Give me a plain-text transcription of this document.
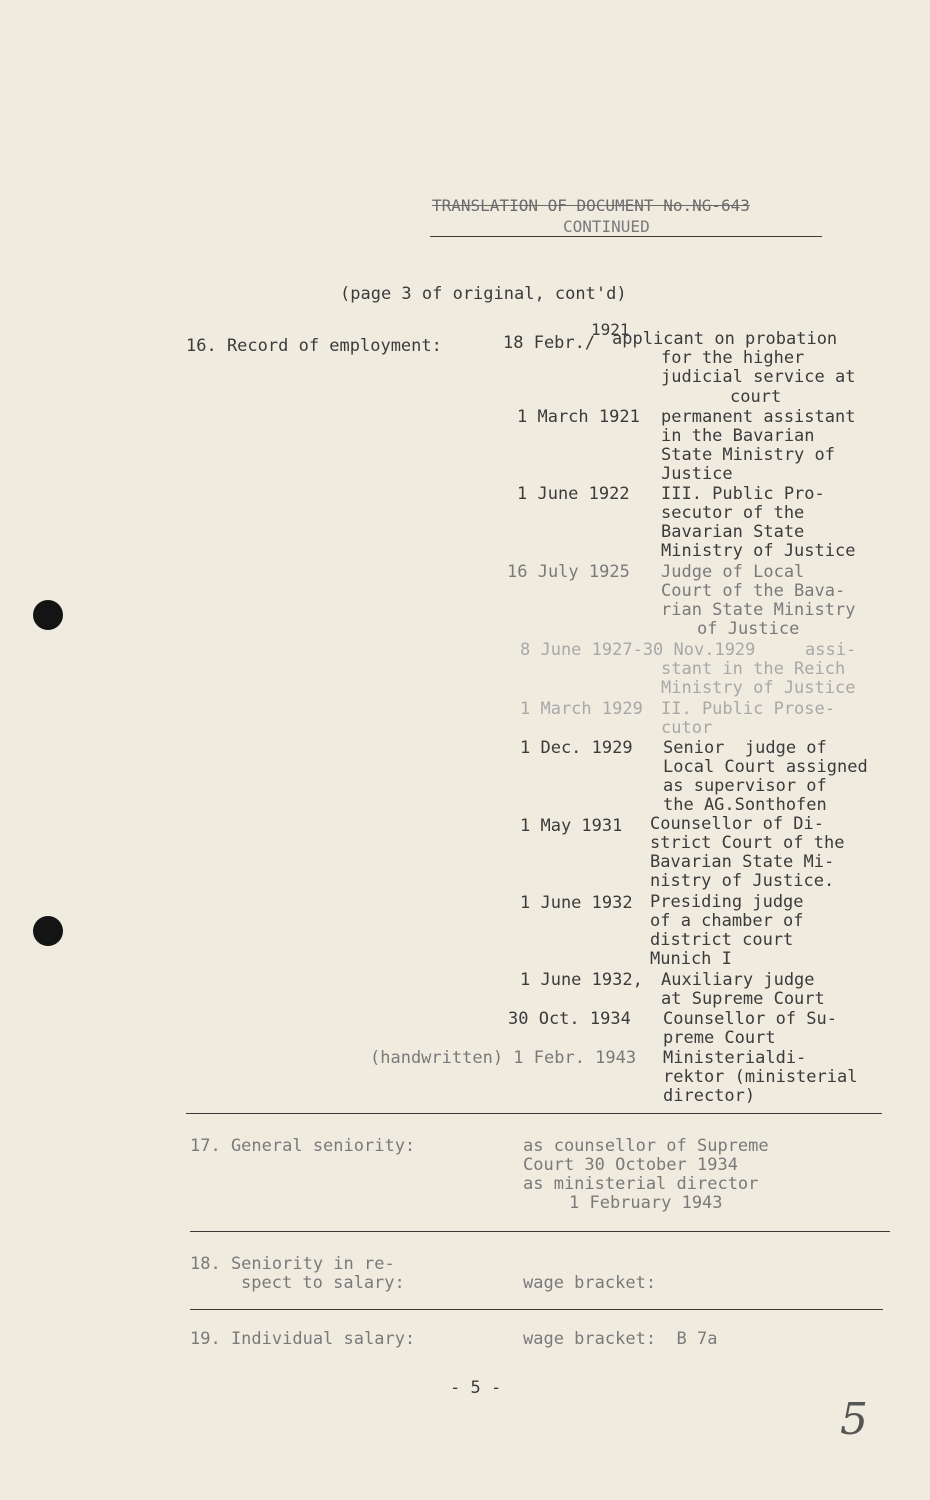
TRANSLATION OF DOCUMENT No.NG-643
CONTINUED
(page 3 of original, cont'd)
16. Record of employment:
1921
18 Febr./ applicant on probation
for the higher
judicial service at
court
1 March 1921 permanent assistant
in the Bavarian
State Ministry of
Justice
1 June 1922 III. Public Pro-
secutor of the
Bavarian State
Ministry of Justice
16 July 1925 Judge of Local
Court of the Bava-
rian State Ministry
of Justice
8 June 1927-30 Nov.1929	assi-
stant in the Reich
Ministry of Justice
1 March 1929 II. Public Prose-
cutor
1 Dec. 1929 Senior  judge of
Local Court assigned
as supervisor of
the AG.Sonthofen
1 May 1931 Counsellor of Di-
strict Court of the
Bavarian State Mi-
nistry of Justice.
1 June 1932 Presiding judge
of a chamber of
district court
Munich I
1 June 1932, Auxiliary judge
at Supreme Court
30 Oct. 1934 Counsellor of Su-
preme Court
(handwritten) 1 Febr. 1943 Ministerialdi-
rektor (ministerial
director)
17. General seniority:	as counsellor of Supreme
Court 30 October 1934
as ministerial director
1 February 1943
18. Seniority in re-
spect to salary:	wage bracket:
19. Individual salary:	wage bracket:  B 7a
- 5 -
5
